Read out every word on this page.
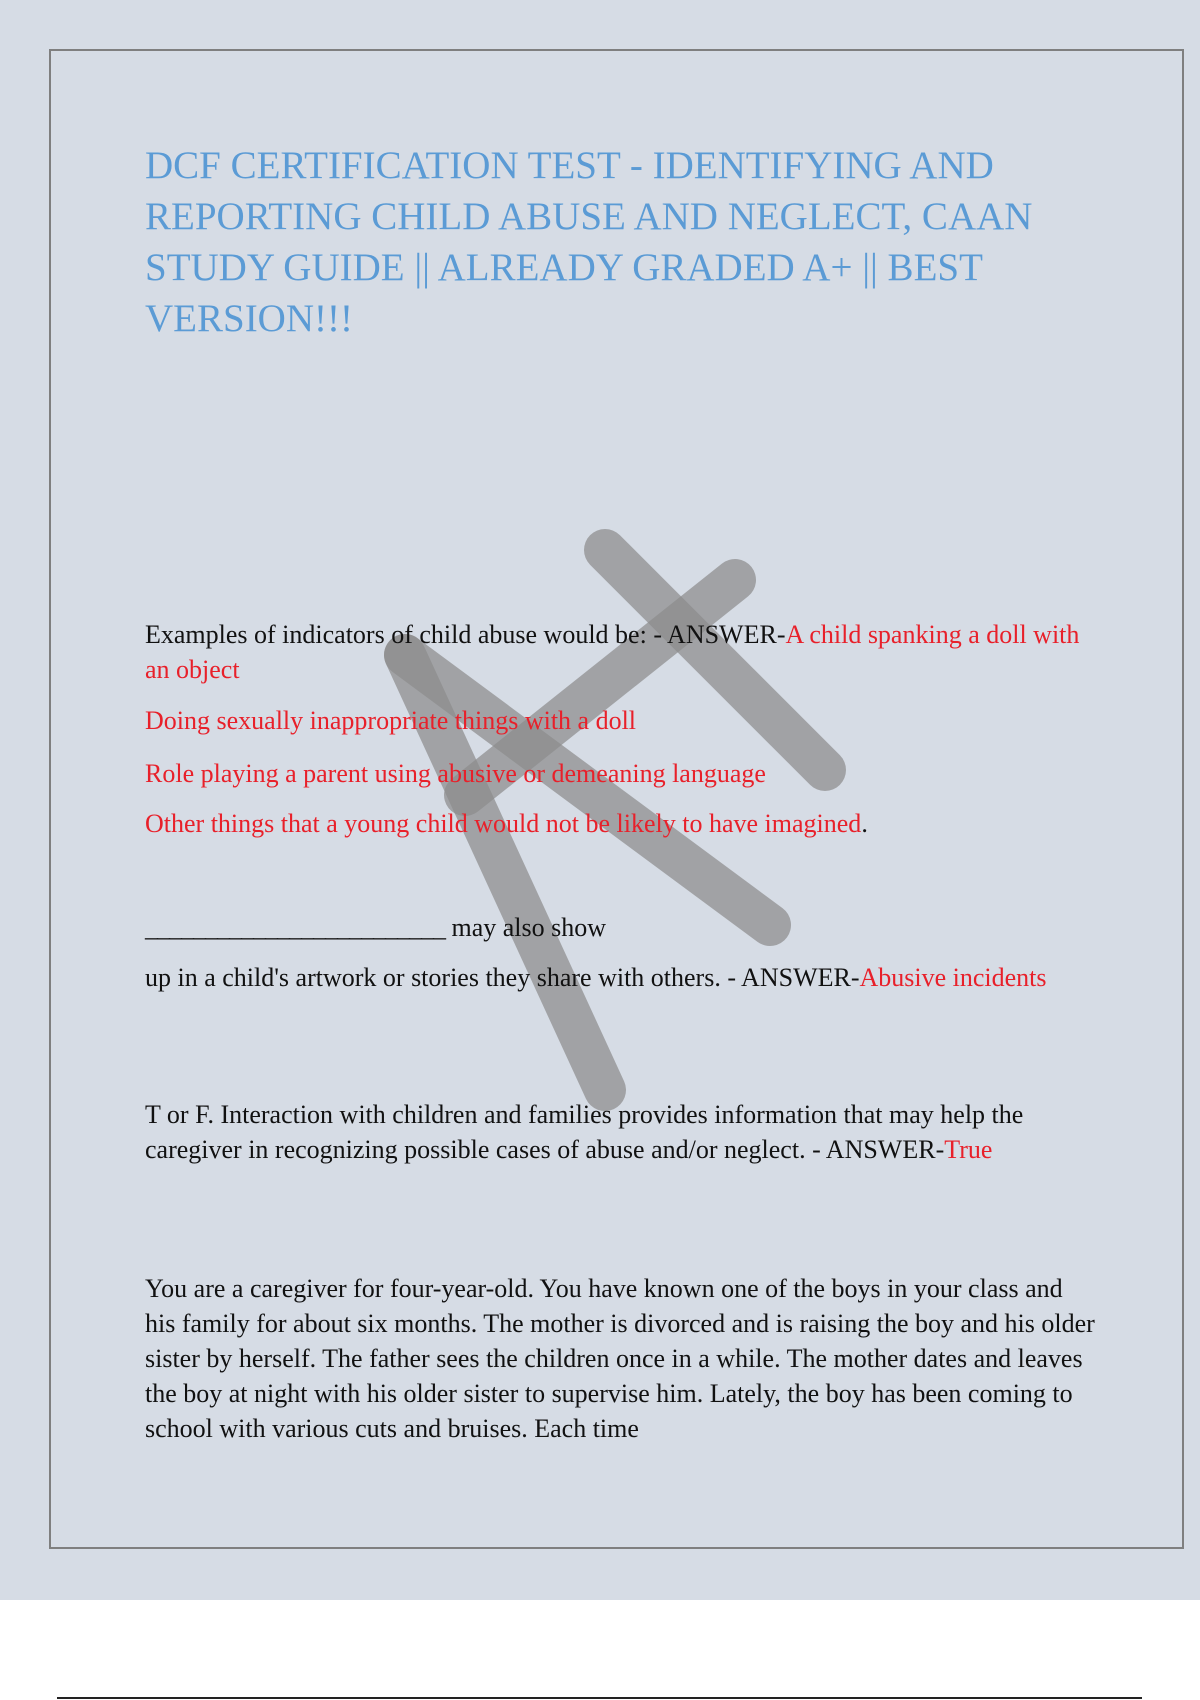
DCF CERTIFICATION TEST - IDENTIFYING AND REPORTING CHILD ABUSE AND NEGLECT, CAAN STUDY GUIDE || ALREADY GRADED A+ || BEST VERSION!!!

Examples of indicators of child abuse would be: - ANSWER-A child spanking a doll with an object

Doing sexually inappropriate things with a doll

Role playing a parent using abusive or demeaning language

Other things that a young child would not be likely to have imagined.

_________________________ may also show

up in a child's artwork or stories they share with others. - ANSWER-Abusive incidents

T or F. Interaction with children and families provides information that may help the caregiver in recognizing possible cases of abuse and/or neglect. - ANSWER-True

You are a caregiver for four-year-old. You have known one of the boys in your class and his family for about six months. The mother is divorced and is raising the boy and his older sister by herself. The father sees the children once in a while. The mother dates and leaves the boy at night with his older sister to supervise him. Lately, the boy has been coming to school with various cuts and bruises. Each time
